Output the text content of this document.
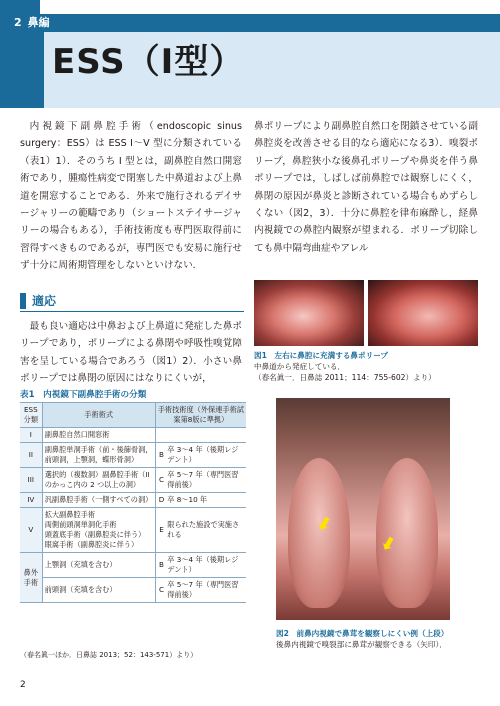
2 鼻編
ESS（I型）

内視鏡下副鼻腔手術（endoscopic sinus surgery：ESS）は ESS I～V 型に分類されている（表1）1）．そのうち I 型とは，副鼻腔自然口開窓術であり，腫瘍性病変で閉塞した中鼻道および上鼻道を開窓することである．外来で施行されるデイサージャリーの範疇であり（ショートステイサージャリーの場合もある），手術技術度も専門医取得前に習得すべきものであるが，専門医でも安易に施行せず十分に周術期管理をしないといけない．

鼻ポリープにより副鼻腔自然口を閉鎖させている副鼻腔炎を改善させる目的なら適応になる3）．嗅裂ポリープ，鼻腔狭小な後鼻孔ポリープや鼻炎を伴う鼻ポリープでは，しばしば前鼻腔では観察しにくく，鼻閉の原因が鼻炎と診断されている場合もめずらしくない（図2，3）．十分に鼻腔を律布麻酔し，経鼻内視鏡での鼻腔内観察が望まれる．ポリープ切除しても鼻中隔弯曲症やアレル

適応

最も良い適応は中鼻および上鼻道に発症した鼻ポリープであり，ポリープによる鼻閉や呼吸性嗅覚障害を呈している場合であろう（図1）2）．小さい鼻ポリープでは鼻閉の原因にはなりにくいが，

表1　内視鏡下副鼻腔手術の分類
ESS 分類	手術術式	手術技術度（外保連手術試案第8版に準拠）	
I	副鼻腔自然口開窓術		
II	副鼻腔単洞手術（前・後篩骨洞，前頭洞，上顎洞，蝶形骨洞）	B	卒 3～4 年（後期レジデント）
III	選択的（複数洞）副鼻腔手術（II のかっこ内の 2 つ以上の洞）	C	卒 5～7 年（専門医習得前後）
IV	汎副鼻腔手術（一側すべての洞）	D	卒 8～10 年
V	拡大副鼻腔手術
両側前頭洞単洞化手術
頭蓋底手術（副鼻腔炎に伴う）
眼窩手術（副鼻腔炎に伴う）	E	限られた施設で実施される
鼻外手術	上顎洞（充填を含む）	B	卒 3～4 年（後期レジデント）
	前頭洞（充填を含む）	C	卒 5～7 年（専門医習得前後）
（春名眞一ほか．日鼻誌 2013；52：143-571）より）
図1　左右に鼻腔に充満する鼻ポリープ
中鼻道から発症している．
（春名眞一．日鼻誌 2011；114：755-602）より）
⬇
⬇
図2　前鼻内視鏡で鼻茸を観察しにくい例（上段）
後鼻内視鏡で嗅裂部に鼻茸が観察できる（矢印）．
2
